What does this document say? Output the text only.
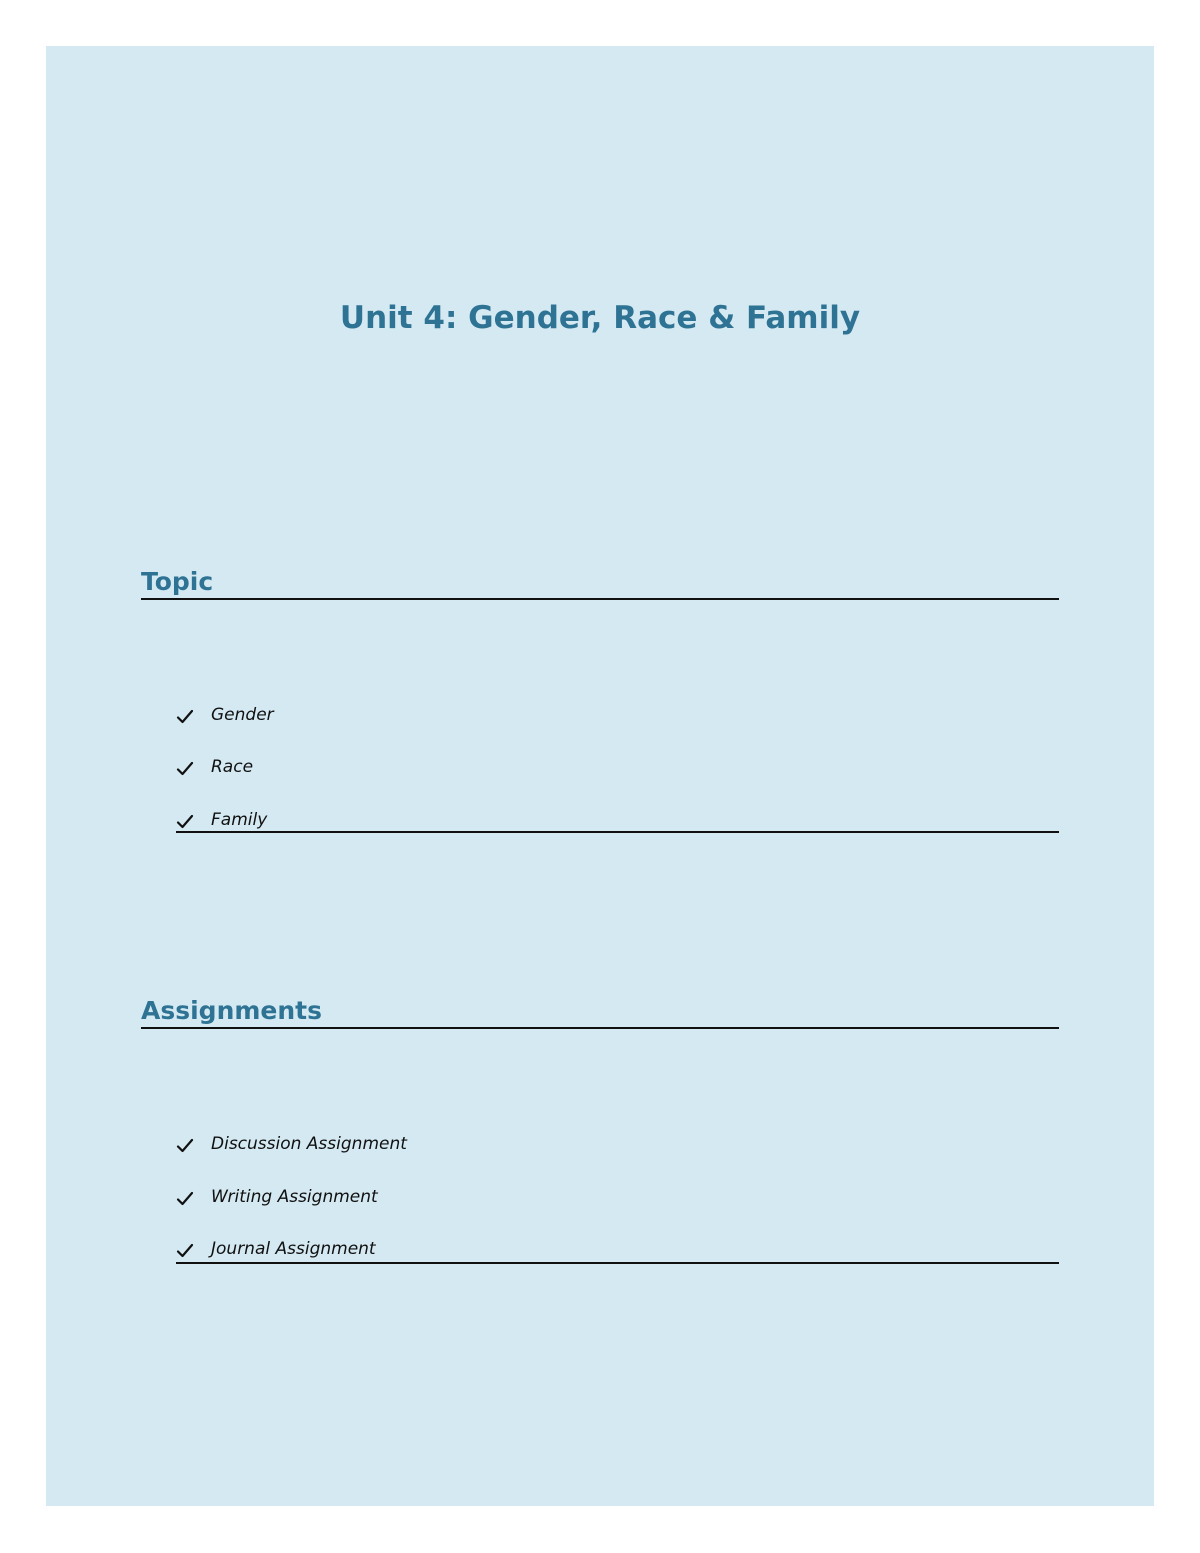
Unit 4: Gender, Race & Family
Topic
Gender
Race
Family
Assignments
Discussion Assignment
Writing Assignment
Journal Assignment
